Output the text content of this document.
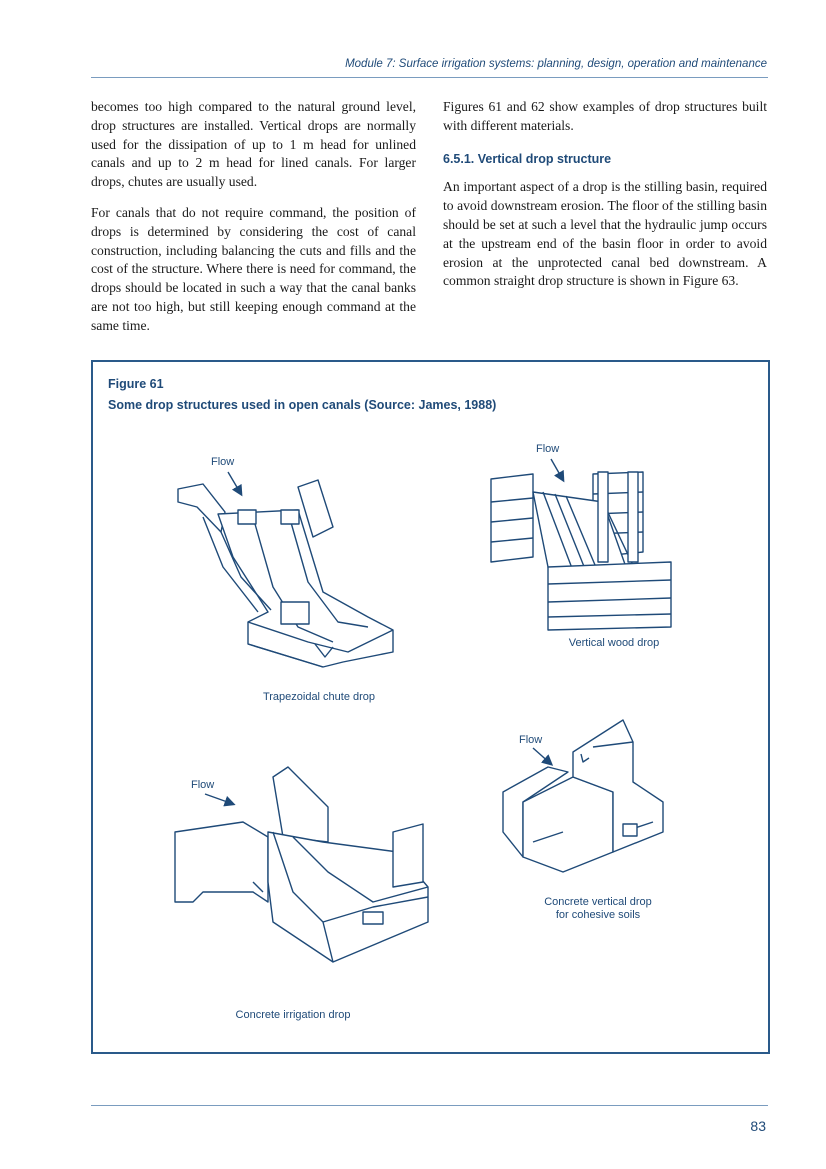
Module 7: Surface irrigation systems: planning, design, operation and maintenance

becomes too high compared to the natural ground level, drop structures are installed. Vertical drops are normally used for the dissipation of up to 1 m head for unlined canals and up to 2 m head for lined canals. For larger drops, chutes are usually used.

For canals that do not require command, the position of drops is determined by considering the cost of canal construction, including balancing the cuts and fills and the cost of the structure. Where there is need for command, the drops should be located in such a way that the canal banks are not too high, but still keeping enough command at the same time.

Figures 61 and 62 show examples of drop structures built with different materials.

6.5.1. Vertical drop structure

An important aspect of a drop is the stilling basin, required to avoid downstream erosion. The floor of the stilling basin should be set at such a level that the hydraulic jump occurs at the upstream end of the basin floor in order to avoid erosion at the unprotected canal bed downstream. A common straight drop structure is shown in Figure 63.

Figure 61
Some drop structures used in open canals (Source: James, 1988)
Flow
Trapezoidal chute drop
Flow
Vertical wood drop
Flow
Concrete irrigation drop
Flow
Concrete vertical drop
for cohesive soils
83
